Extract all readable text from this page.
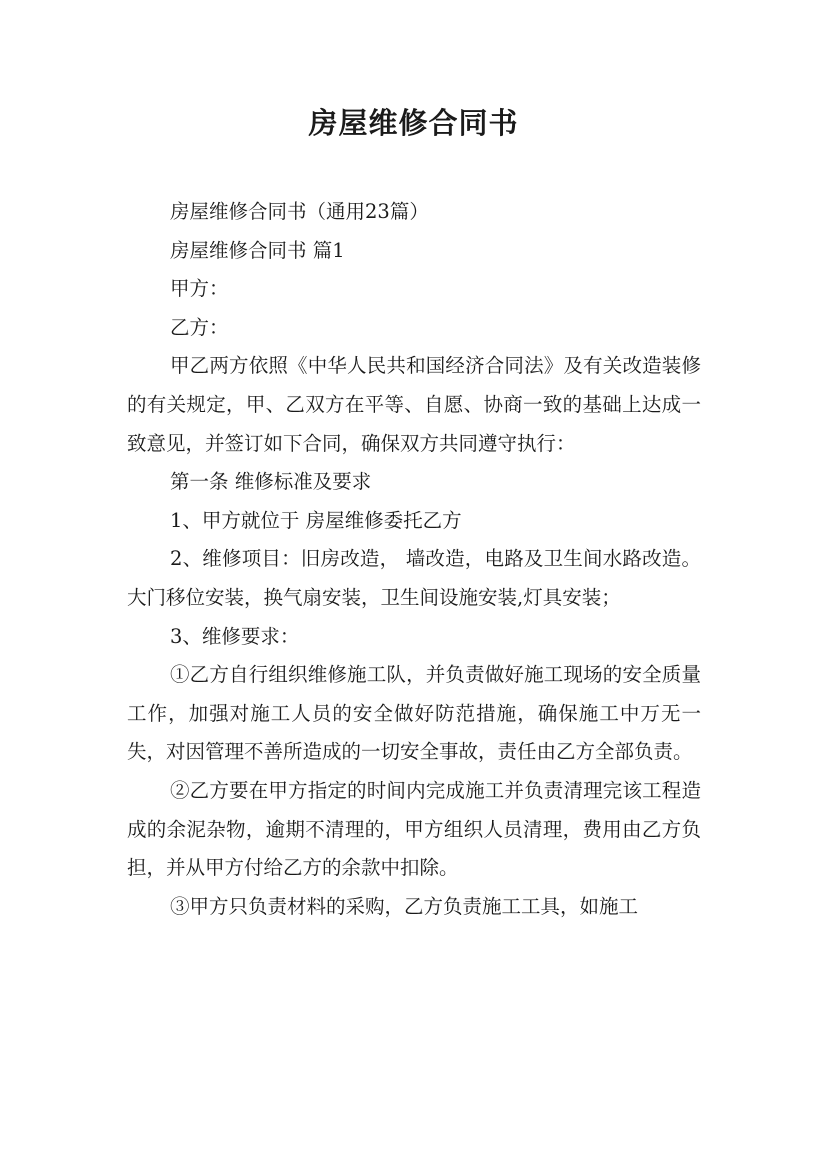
房屋维修合同书

房屋维修合同书（通用23篇）

房屋维修合同书 篇1

甲方：

乙方：

甲乙两方依照《中华人民共和国经济合同法》及有关改造装修的有关规定，甲、乙双方在平等、自愿、协商一致的基础上达成一致意见，并签订如下合同，确保双方共同遵守执行：

第一条 维修标准及要求

1、甲方就位于 房屋维修委托乙方

2、维修项目：旧房改造， 墙改造，电路及卫生间水路改造。大门移位安装，换气扇安装，卫生间设施安装,灯具安装；

3、维修要求：

①乙方自行组织维修施工队，并负责做好施工现场的安全质量工作，加强对施工人员的安全做好防范措施，确保施工中万无一失，对因管理不善所造成的一切安全事故，责任由乙方全部负责。

②乙方要在甲方指定的时间内完成施工并负责清理完该工程造成的余泥杂物，逾期不清理的，甲方组织人员清理，费用由乙方负担，并从甲方付给乙方的余款中扣除。

③甲方只负责材料的采购，乙方负责施工工具，如施工
